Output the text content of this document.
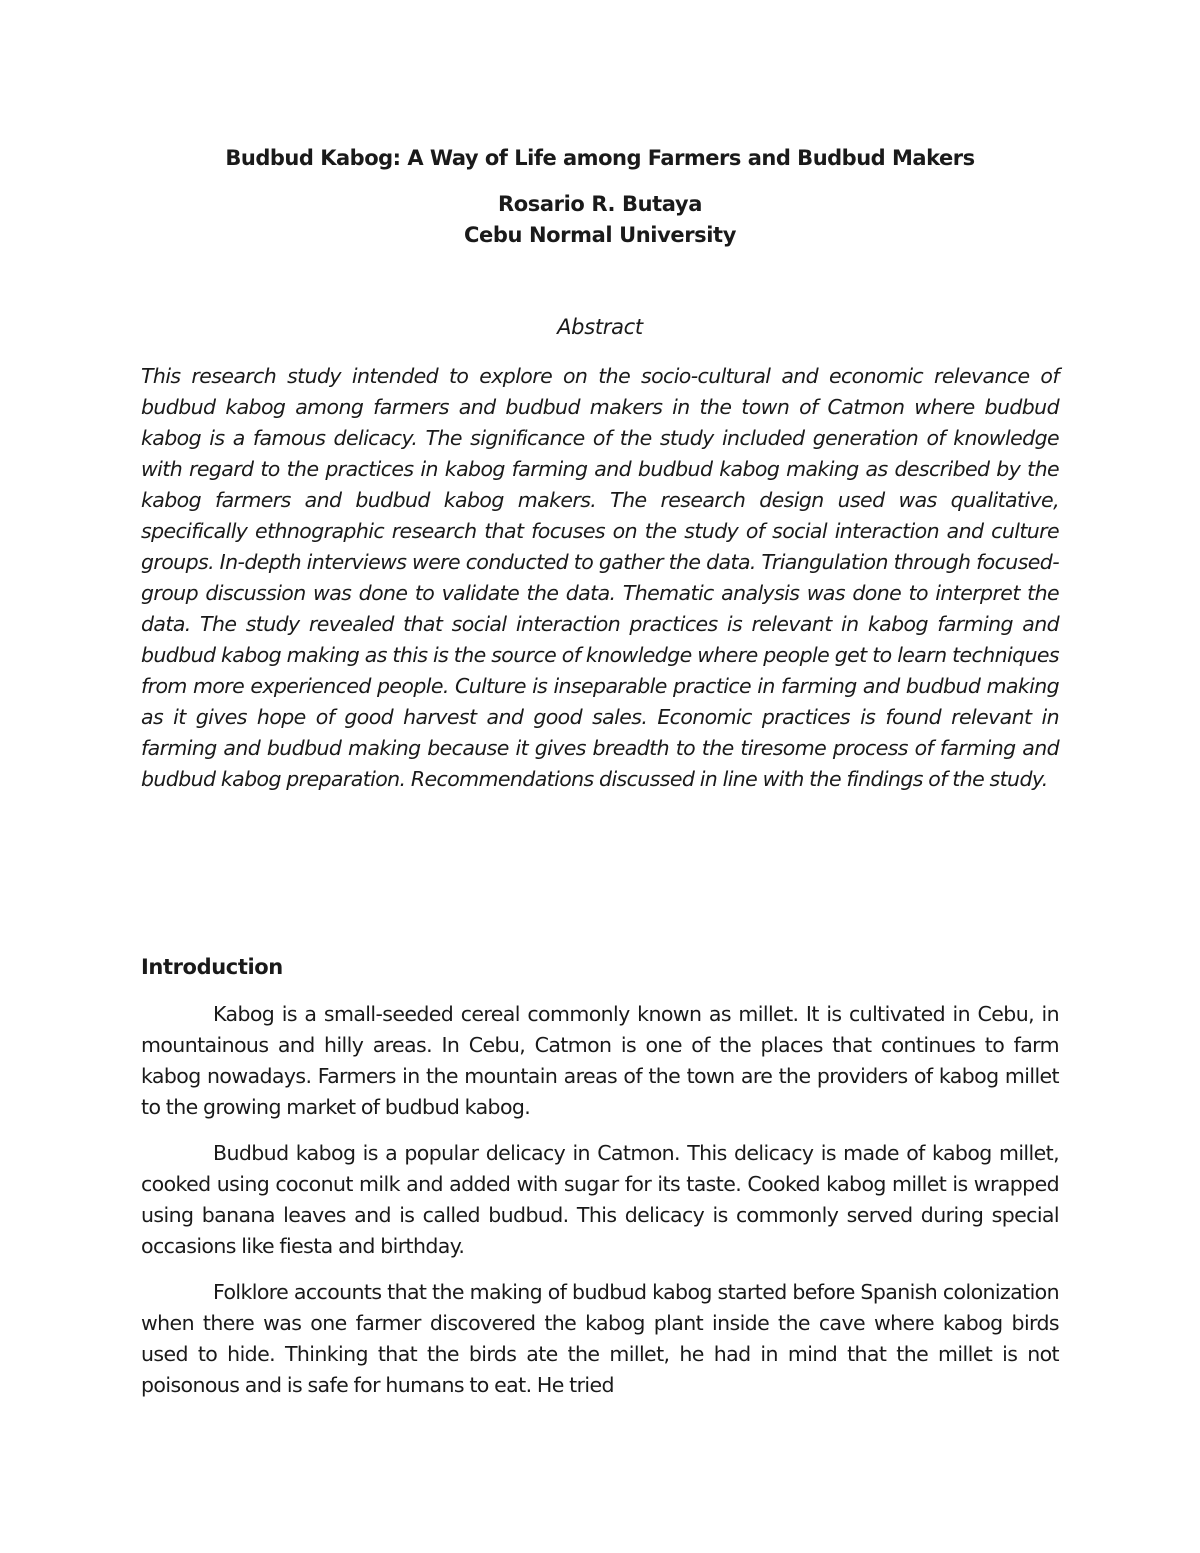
Budbud Kabog: A Way of Life among Farmers and Budbud Makers
Rosario R. Butaya
Cebu Normal University
Abstract

This research study intended to explore on the socio-cultural and economic relevance of budbud kabog among farmers and budbud makers in the town of Catmon where budbud kabog is a famous delicacy. The significance of the study included generation of knowledge with regard to the practices in kabog farming and budbud kabog making as described by the kabog farmers and budbud kabog makers. The research design used was qualitative, specifically ethnographic research that focuses on the study of social interaction and culture groups. In-depth interviews were conducted to gather the data. Triangulation through focused-group discussion was done to validate the data. Thematic analysis was done to interpret the data. The study revealed that social interaction practices is relevant in kabog farming and budbud kabog making as this is the source of knowledge where people get to learn techniques from more experienced people. Culture is inseparable practice in farming and budbud making as it gives hope of good harvest and good sales. Economic practices is found relevant in farming and budbud making because it gives breadth to the tiresome process of farming and budbud kabog preparation. Recommendations discussed in line with the findings of the study.

Introduction

Kabog is a small-seeded cereal commonly known as millet. It is cultivated in Cebu, in mountainous and hilly areas. In Cebu, Catmon is one of the places that continues to farm kabog nowadays. Farmers in the mountain areas of the town are the providers of kabog millet to the growing market of budbud kabog.

Budbud kabog is a popular delicacy in Catmon. This delicacy is made of kabog millet, cooked using coconut milk and added with sugar for its taste. Cooked kabog millet is wrapped using banana leaves and is called budbud. This delicacy is commonly served during special occasions like fiesta and birthday.

Folklore accounts that the making of budbud kabog started before Spanish colonization when there was one farmer discovered the kabog plant inside the cave where kabog birds used to hide. Thinking that the birds ate the millet, he had in mind that the millet is not poisonous and is safe for humans to eat. He tried
